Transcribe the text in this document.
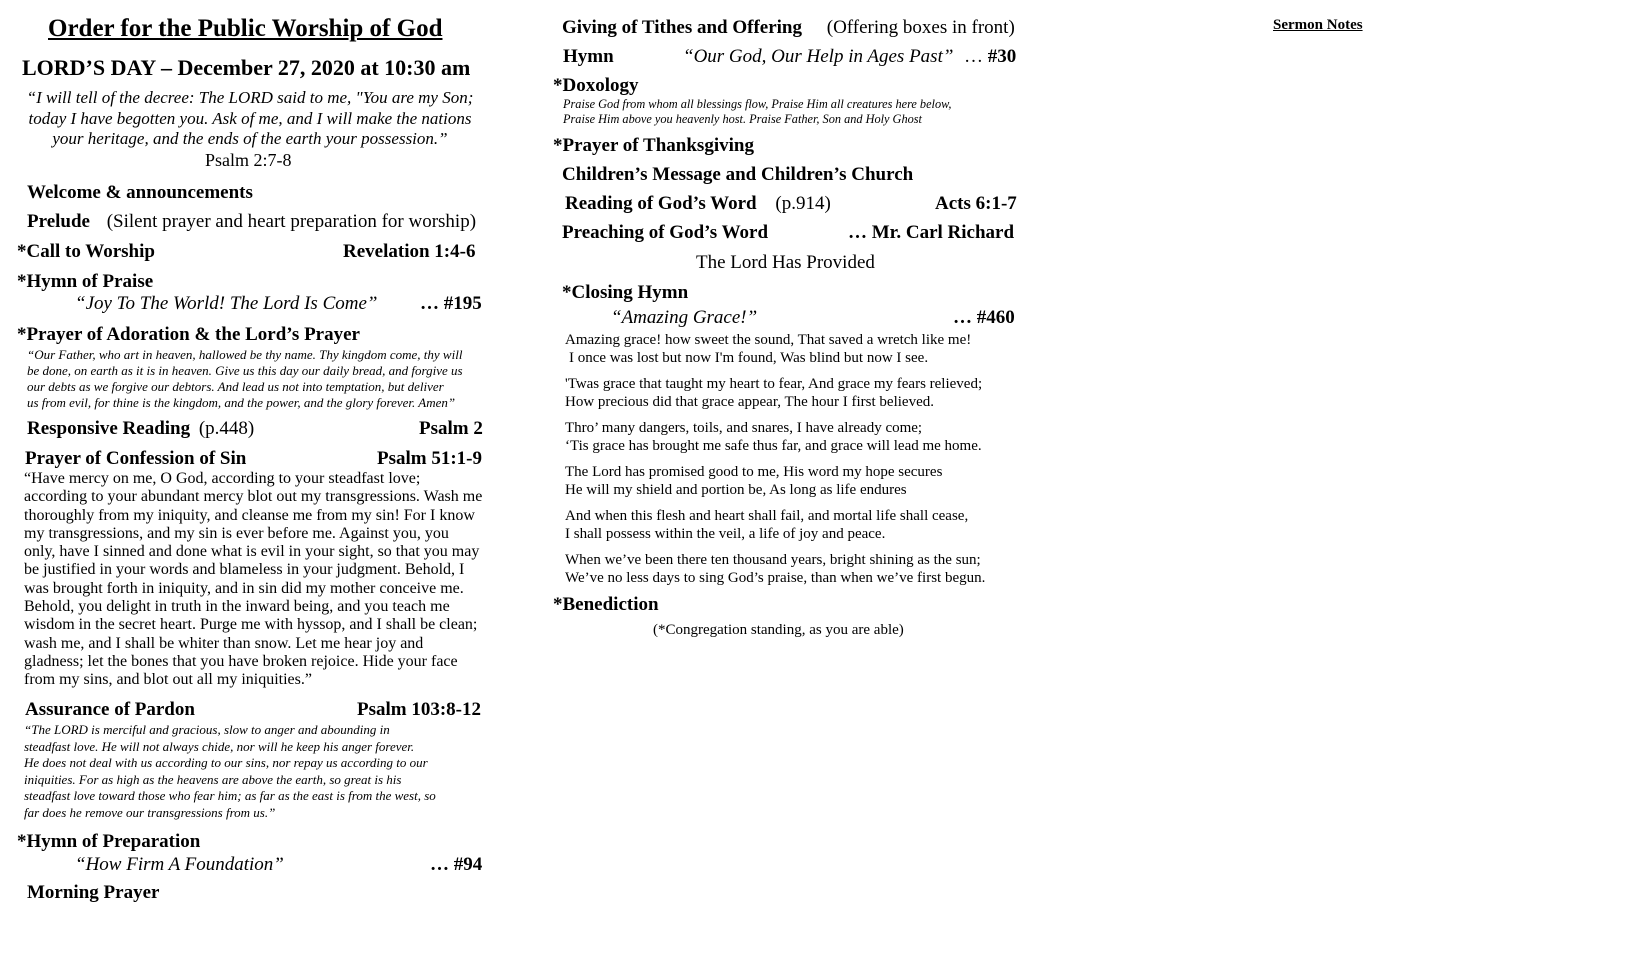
Order for the Public Worship of God
LORD’S DAY – December 27, 2020 at 10:30 am
“I will tell of the decree: The LORD said to me, "You are my Son;
today I have begotten you. Ask of me, and I will make the nations
your heritage, and the ends of the earth your possession.”
Psalm 2:7-8
Welcome & announcements
Prelude (Silent prayer and heart preparation for worship)
*Call to Worship	Revelation 1:4-6
*Hymn of Praise
“Joy To The World! The Lord Is Come” … #195
*Prayer of Adoration & the Lord’s Prayer
“Our Father, who art in heaven, hallowed be thy name. Thy kingdom come, thy will
be done, on earth as it is in heaven. Give us this day our daily bread, and forgive us
our debts as we forgive our debtors. And lead us not into temptation, but deliver
us from evil, for thine is the kingdom, and the power, and the glory forever. Amen”
Responsive Reading (p.448)	Psalm 2
Prayer of Confession of Sin	Psalm 51:1-9
“Have mercy on me, O God, according to your steadfast love;
according to your abundant mercy blot out my transgressions. Wash me
thoroughly from my iniquity, and cleanse me from my sin! For I know
my transgressions, and my sin is ever before me. Against you, you
only, have I sinned and done what is evil in your sight, so that you may
be justified in your words and blameless in your judgment. Behold, I
was brought forth in iniquity, and in sin did my mother conceive me.
Behold, you delight in truth in the inward being, and you teach me
wisdom in the secret heart. Purge me with hyssop, and I shall be clean;
wash me, and I shall be whiter than snow. Let me hear joy and
gladness; let the bones that you have broken rejoice. Hide your face
from my sins, and blot out all my iniquities.”
Assurance of Pardon	Psalm 103:8-12
“The LORD is merciful and gracious, slow to anger and abounding in
steadfast love. He will not always chide, nor will he keep his anger forever.
He does not deal with us according to our sins, nor repay us according to our
iniquities. For as high as the heavens are above the earth, so great is his
steadfast love toward those who fear him; as far as the east is from the west, so
far does he remove our transgressions from us.”
*Hymn of Preparation
“How Firm A Foundation”	… #94
Morning Prayer
Giving of Tithes and Offering (Offering boxes in front)
Hymn	“Our God, Our Help in Ages Past” … #30
*Doxology
Praise God from whom all blessings flow, Praise Him all creatures here below,
Praise Him above you heavenly host. Praise Father, Son and Holy Ghost
*Prayer of Thanksgiving
Children’s Message and Children’s Church
Reading of God’s Word (p.914)	Acts 6:1-7
Preaching of God’s Word	… Mr. Carl Richard
The Lord Has Provided
*Closing Hymn
“Amazing Grace!”	… #460
Amazing grace! how sweet the sound, That saved a wretch like me!
I once was lost but now I'm found, Was blind but now I see.
'Twas grace that taught my heart to fear, And grace my fears relieved;
How precious did that grace appear, The hour I first believed.
Thro’ many dangers, toils, and snares, I have already come;
‘Tis grace has brought me safe thus far, and grace will lead me home.
The Lord has promised good to me, His word my hope secures
He will my shield and portion be, As long as life endures
And when this flesh and heart shall fail, and mortal life shall cease,
I shall possess within the veil, a life of joy and peace.
When we’ve been there ten thousand years, bright shining as the sun;
We’ve no less days to sing God’s praise, than when we’ve first begun.
*Benediction
(*Congregation standing, as you are able)
Sermon Notes
